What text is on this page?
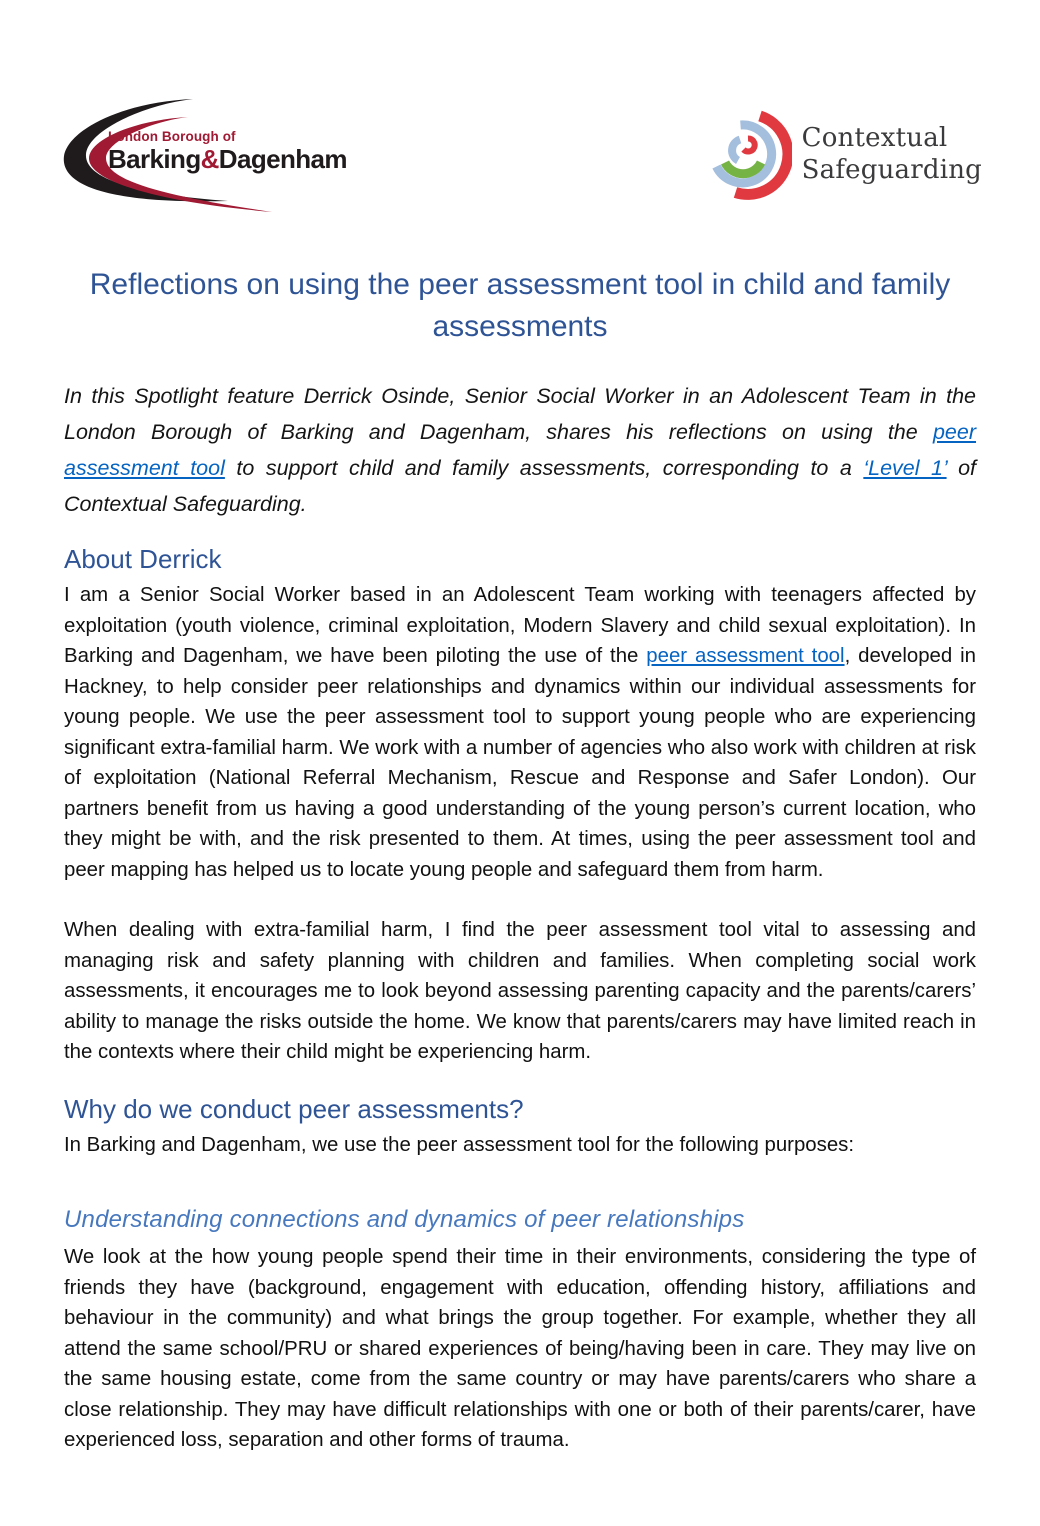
London Borough of
Barking&Dagenham
Contextual
Safeguarding
Reflections on using the peer assessment tool in child and family assessments

In this Spotlight feature Derrick Osinde, Senior Social Worker in an Adolescent Team in the London Borough of Barking and Dagenham, shares his reflections on using the peer assessment tool to support child and family assessments, corresponding to a ‘Level 1’ of Contextual Safeguarding.

About Derrick

I am a Senior Social Worker based in an Adolescent Team working with teenagers affected by exploitation (youth violence, criminal exploitation, Modern Slavery and child sexual exploitation). In Barking and Dagenham, we have been piloting the use of the peer assessment tool, developed in Hackney, to help consider peer relationships and dynamics within our individual assessments for young people. We use the peer assessment tool to support young people who are experiencing significant extra-familial harm. We work with a number of agencies who also work with children at risk of exploitation (National Referral Mechanism, Rescue and Response and Safer London). Our partners benefit from us having a good understanding of the young person’s current location, who they might be with, and the risk presented to them. At times, using the peer assessment tool and peer mapping has helped us to locate young people and safeguard them from harm.

When dealing with extra-familial harm, I find the peer assessment tool vital to assessing and managing risk and safety planning with children and families. When completing social work assessments, it encourages me to look beyond assessing parenting capacity and the parents/carers’ ability to manage the risks outside the home. We know that parents/carers may have limited reach in the contexts where their child might be experiencing harm.

Why do we conduct peer assessments?

In Barking and Dagenham, we use the peer assessment tool for the following purposes:

Understanding connections and dynamics of peer relationships

We look at the how young people spend their time in their environments, considering the type of friends they have (background, engagement with education, offending history, affiliations and behaviour in the community) and what brings the group together. For example, whether they all attend the same school/PRU or shared experiences of being/having been in care. They may live on the same housing estate, come from the same country or may have parents/carers who share a close relationship. They may have difficult relationships with one or both of their parents/carer, have experienced loss, separation and other forms of trauma.
